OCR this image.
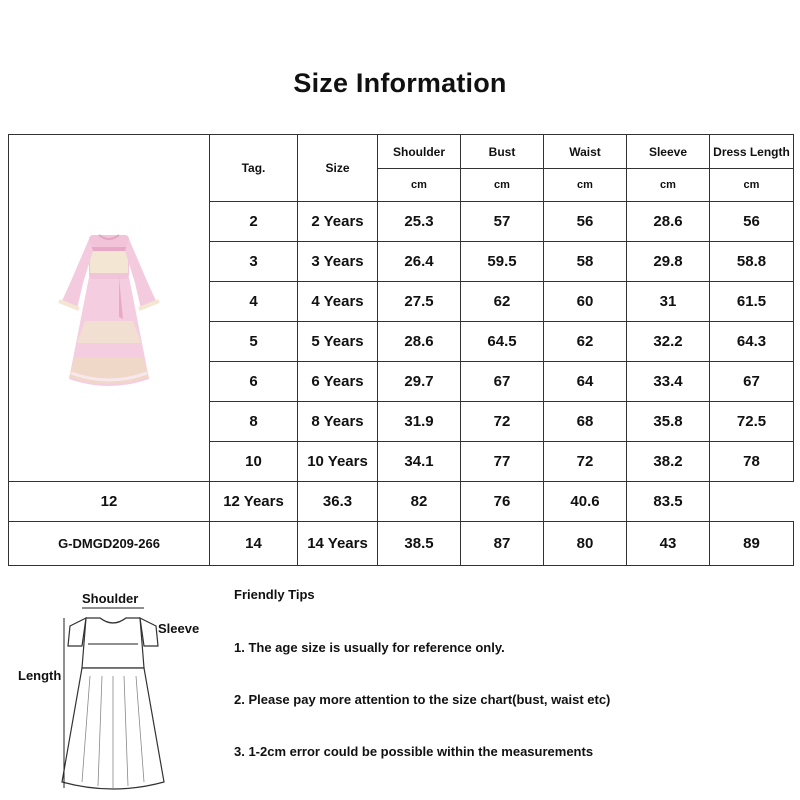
Size Information
	Tag.	Size	Shoulder	Bust	Waist	Sleeve	Dress Length
			cm	cm	cm	cm	cm
	2	2 Years	25.3	57	56	28.6	56
	3	3 Years	26.4	59.5	58	29.8	58.8
	4	4 Years	27.5	62	60	31	61.5
	5	5 Years	28.6	64.5	62	32.2	64.3
	6	6 Years	29.7	67	64	33.4	67
	8	8 Years	31.9	72	68	35.8	72.5
	10	10 Years	34.1	77	72	38.2	78
12	12 Years	36.3	82	76	40.6	83.5	
G-DMGD209-266	14	14 Years	38.5	87	80	43	89
Shoulder
Sleeve
Length
Friendly Tips
1. The age size is usually for reference only.
2. Please pay more attention to the size chart(bust, waist etc)
3. 1-2cm error could be possible within the measurements
